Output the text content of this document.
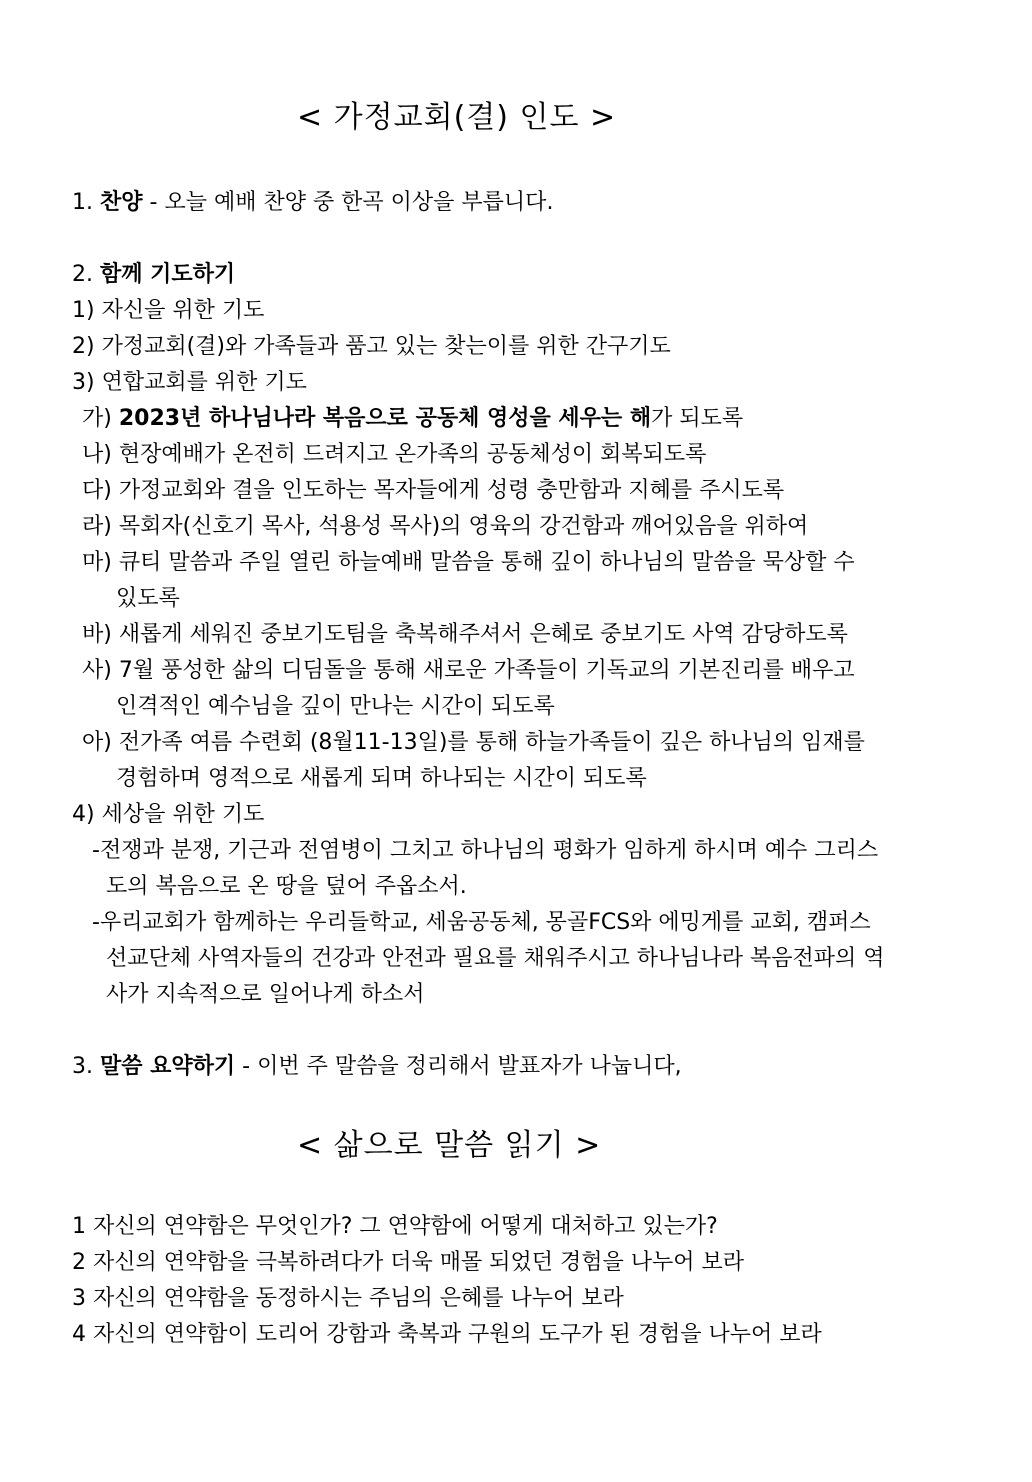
< 가정교회(결) 인도 >
1. 찬양 - 오늘 예배 찬양 중 한곡 이상을 부릅니다.
2. 함께 기도하기
1) 자신을 위한 기도
2) 가정교회(결)와 가족들과 품고 있는 찾는이를 위한 간구기도
3) 연합교회를 위한 기도
가) 2023년 하나님나라 복음으로 공동체 영성을 세우는 해가 되도록
나) 현장예배가 온전히 드려지고 온가족의 공동체성이 회복되도록
다) 가정교회와 결을 인도하는 목자들에게 성령 충만함과 지혜를 주시도록
라) 목회자(신호기 목사, 석용성 목사)의 영육의 강건함과 깨어있음을 위하여
마) 큐티 말씀과 주일 열린 하늘예배 말씀을 통해 깊이 하나님의 말씀을 묵상할 수
있도록
바) 새롭게 세워진 중보기도팀을 축복해주셔서 은혜로 중보기도 사역 감당하도록
사) 7월 풍성한 삶의 디딤돌을 통해 새로운 가족들이 기독교의 기본진리를 배우고
인격적인 예수님을 깊이 만나는 시간이 되도록
아) 전가족 여름 수련회 (8월11-13일)를 통해 하늘가족들이 깊은 하나님의 임재를
경험하며 영적으로 새롭게 되며 하나되는 시간이 되도록
4) 세상을 위한 기도
-전쟁과 분쟁, 기근과 전염병이 그치고 하나님의 평화가 임하게 하시며 예수 그리스
도의 복음으로 온 땅을 덮어 주옵소서.
-우리교회가 함께하는 우리들학교, 세움공동체, 몽골FCS와 에밍게를 교회, 캠퍼스
선교단체 사역자들의 건강과 안전과 필요를 채워주시고 하나님나라 복음전파의 역
사가 지속적으로 일어나게 하소서
3. 말씀 요약하기 - 이번 주 말씀을 정리해서 발표자가 나눕니다,
< 삶으로 말씀 읽기 >
1 자신의 연약함은 무엇인가? 그 연약함에 어떻게 대처하고 있는가?
2 자신의 연약함을 극복하려다가 더욱 매몰 되었던 경험을 나누어 보라
3 자신의 연약함을 동정하시는 주님의 은혜를 나누어 보라
4 자신의 연약함이 도리어 강함과 축복과 구원의 도구가 된 경험을 나누어 보라
